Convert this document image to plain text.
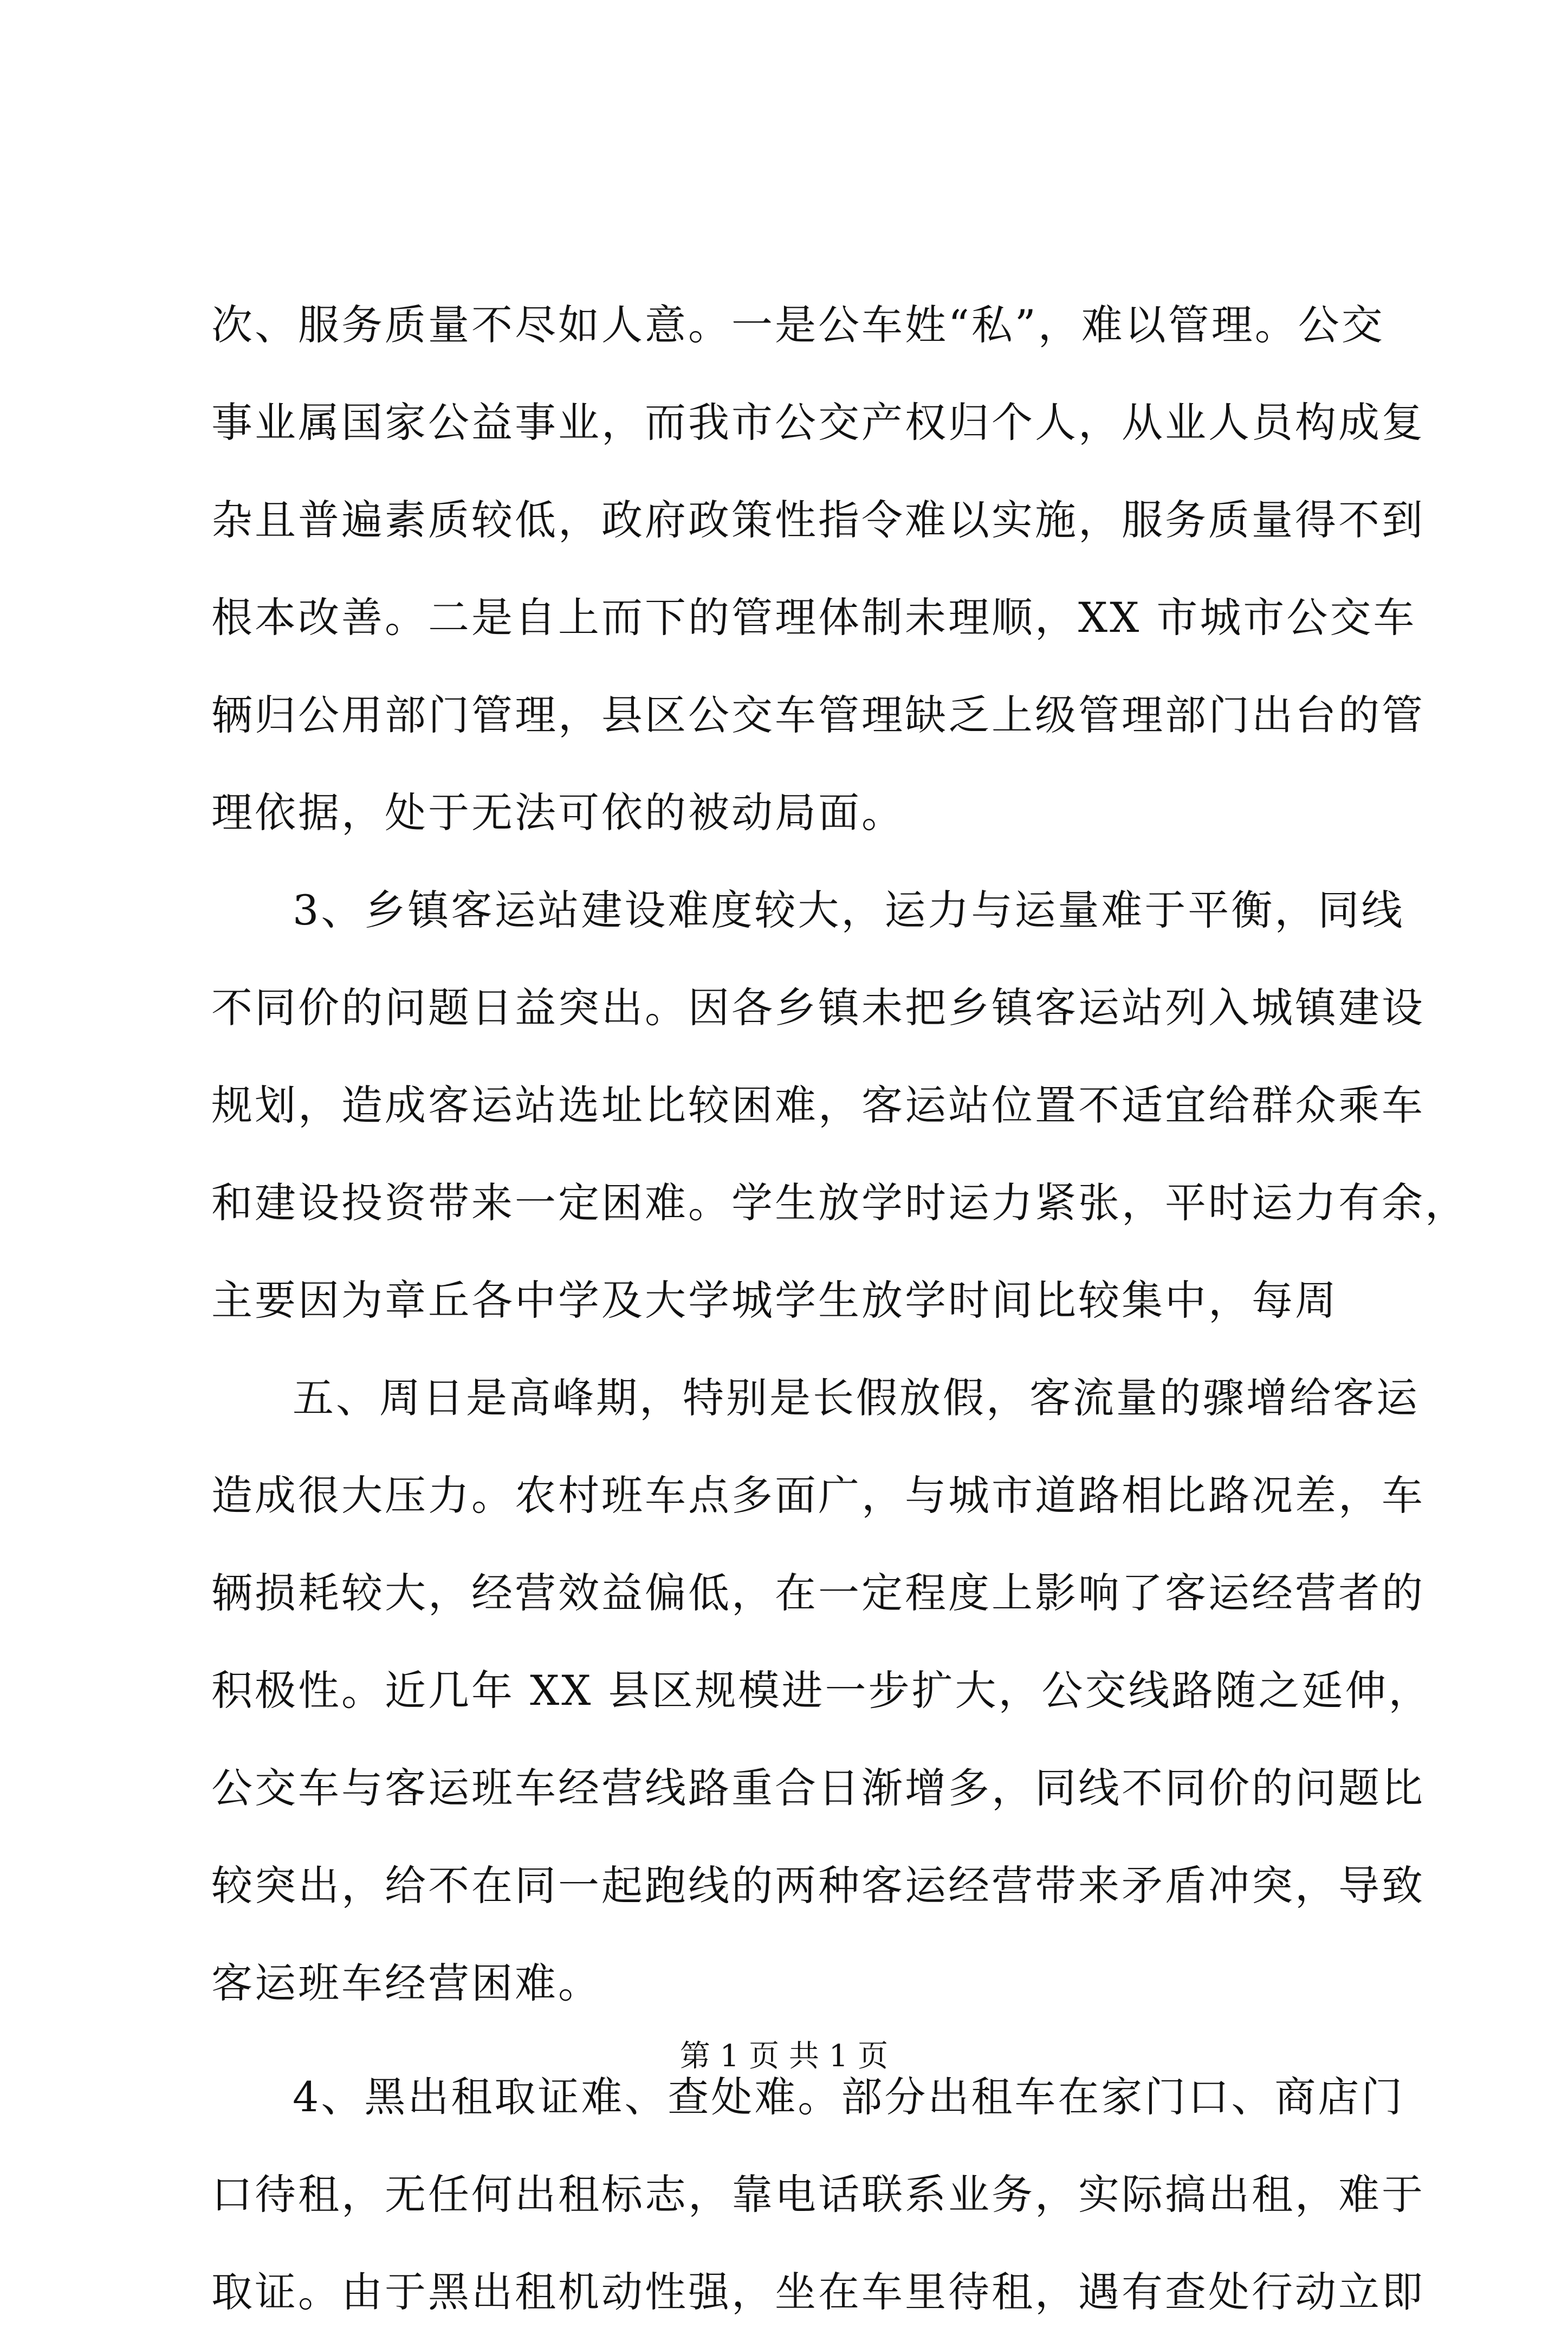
次、服务质量不尽如人意。一是公车姓“私”，难以管理。公交
事业属国家公益事业，而我市公交产权归个人，从业人员构成复
杂且普遍素质较低，政府政策性指令难以实施，服务质量得不到
根本改善。二是自上而下的管理体制未理顺，XX 市城市公交车
辆归公用部门管理，县区公交车管理缺乏上级管理部门出台的管
理依据，处于无法可依的被动局面。
3、乡镇客运站建设难度较大，运力与运量难于平衡，同线
不同价的问题日益突出。因各乡镇未把乡镇客运站列入城镇建设
规划，造成客运站选址比较困难，客运站位置不适宜给群众乘车
和建设投资带来一定困难。学生放学时运力紧张，平时运力有余，
主要因为章丘各中学及大学城学生放学时间比较集中，每周
五、周日是高峰期，特别是长假放假，客流量的骤增给客运
造成很大压力。农村班车点多面广，与城市道路相比路况差，车
辆损耗较大，经营效益偏低，在一定程度上影响了客运经营者的
积极性。近几年 XX 县区规模进一步扩大，公交线路随之延伸，
公交车与客运班车经营线路重合日渐增多，同线不同价的问题比
较突出，给不在同一起跑线的两种客运经营带来矛盾冲突，导致
客运班车经营困难。
4、黑出租取证难、查处难。部分出租车在家门口、商店门
口待租，无任何出租标志，靠电话联系业务，实际搞出租，难于
取证。由于黑出租机动性强，坐在车里待租，遇有查处行动立即
第 1 页 共 1 页
